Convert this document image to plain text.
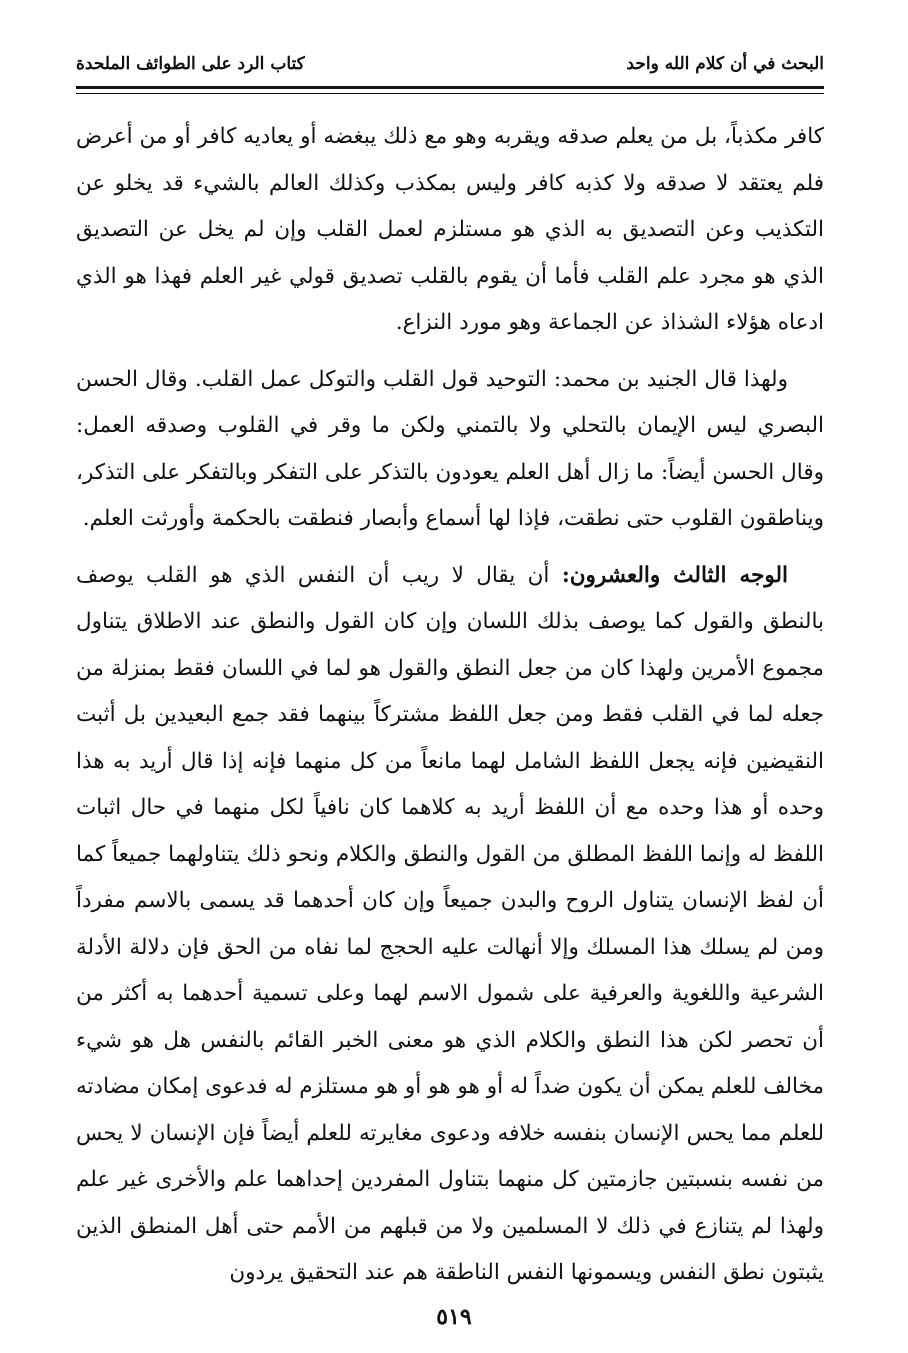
البحث في أن كلام الله واحد
كتاب الرد على الطوائف الملحدة

كافر مكذباً، بل من يعلم صدقه ويقربه وهو مع ذلك يبغضه أو يعاديه كافر أو من أعرض فلم يعتقد لا صدقه ولا كذبه كافر وليس بمكذب وكذلك العالم بالشيء قد يخلو عن التكذيب وعن التصديق به الذي هو مستلزم لعمل القلب وإن لم يخل عن التصديق الذي هو مجرد علم القلب فأما أن يقوم بالقلب تصديق قولي غير العلم فهذا هو الذي ادعاه هؤلاء الشذاذ عن الجماعة وهو مورد النزاع.

ولهذا قال الجنيد بن محمد: التوحيد قول القلب والتوكل عمل القلب. وقال الحسن البصري ليس الإيمان بالتحلي ولا بالتمني ولكن ما وقر في القلوب وصدقه العمل: وقال الحسن أيضاً: ما زال أهل العلم يعودون بالتذكر على التفكر وبالتفكر على التذكر، ويناطقون القلوب حتى نطقت، فإذا لها أسماع وأبصار فنطقت بالحكمة وأورثت العلم.

الوجه الثالث والعشرون: أن يقال لا ريب أن النفس الذي هو القلب يوصف بالنطق والقول كما يوصف بذلك اللسان وإن كان القول والنطق عند الاطلاق يتناول مجموع الأمرين ولهذا كان من جعل النطق والقول هو لما في اللسان فقط بمنزلة من جعله لما في القلب فقط ومن جعل اللفظ مشتركاً بينهما فقد جمع البعيدين بل أثبت النقيضين فإنه يجعل اللفظ الشامل لهما مانعاً من كل منهما فإنه إذا قال أريد به هذا وحده أو هذا وحده مع أن اللفظ أريد به كلاهما كان نافياً لكل منهما في حال اثبات اللفظ له وإنما اللفظ المطلق من القول والنطق والكلام ونحو ذلك يتناولهما جميعاً كما أن لفظ الإنسان يتناول الروح والبدن جميعاً وإن كان أحدهما قد يسمى بالاسم مفرداً ومن لم يسلك هذا المسلك وإلا أنهالت عليه الحجج لما نفاه من الحق فإن دلالة الأدلة الشرعية واللغوية والعرفية على شمول الاسم لهما وعلى تسمية أحدهما به أكثر من أن تحصر لكن هذا النطق والكلام الذي هو معنى الخبر القائم بالنفس هل هو شيء مخالف للعلم يمكن أن يكون ضداً له أو هو هو أو هو مستلزم له فدعوى إمكان مضادته للعلم مما يحس الإنسان بنفسه خلافه ودعوى مغايرته للعلم أيضاً فإن الإنسان لا يحس من نفسه بنسبتين جازمتين كل منهما بتناول المفردين إحداهما علم والأخرى غير علم ولهذا لم يتنازع في ذلك لا المسلمين ولا من قبلهم من الأمم حتى أهل المنطق الذين يثبتون نطق النفس ويسمونها النفس الناطقة هم عند التحقيق يردون

٥١٩
